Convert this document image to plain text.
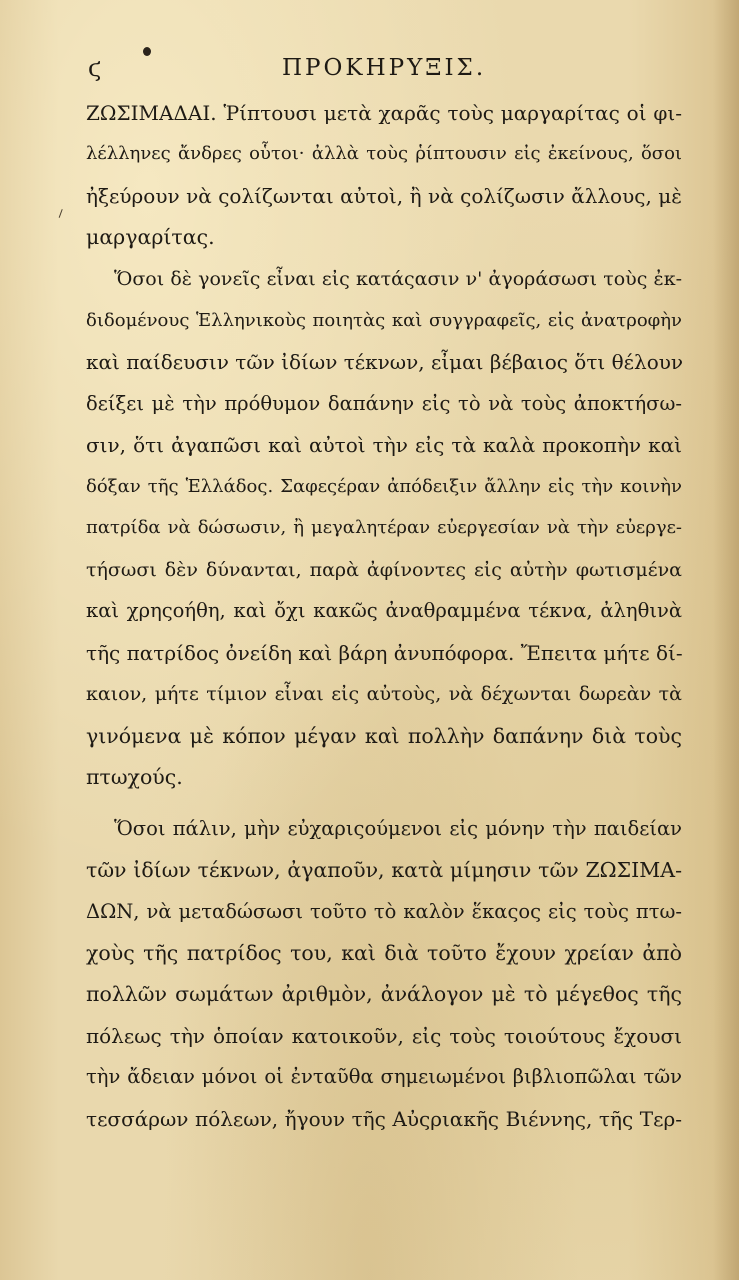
ϛ	ΠΡΟΚΗΡΥΞΙΣ.
ΖΩΣΙΜΑΔΑΙ. Ῥίπτουσι μετὰ χαρᾶς τοὺς μαργαρίτας οἱ φι-
λέλληνες ἄνδρες οὗτοι· ἀλλὰ τοὺς ῥίπτουσιν εἰς ἐκείνους, ὅσοι
ἠξεύρουν νὰ ςολίζωνται αὐτοὶ, ἢ νὰ ςολίζωσιν ἄλλους, μὲ
μαργαρίτας.
Ὅσοι δὲ γονεῖς εἶναι εἰς κατάςασιν ν' ἀγοράσωσι τοὺς ἐκ-
διδομένους Ἑλληνικοὺς ποιητὰς καὶ συγγραφεῖς, εἰς ἀνατροφὴν
καὶ παίδευσιν τῶν ἰδίων τέκνων, εἶμαι βέβαιος ὅτι θέλουν
δείξει μὲ τὴν πρόθυμον δαπάνην εἰς τὸ νὰ τοὺς ἀποκτήσω-
σιν, ὅτι ἀγαπῶσι καὶ αὐτοὶ τὴν εἰς τὰ καλὰ προκοπὴν καὶ
δόξαν τῆς Ἑλλάδος. Σαφεςέραν ἀπόδειξιν ἄλλην εἰς τὴν κοινὴν
πατρίδα νὰ δώσωσιν, ἢ μεγαλητέραν εὐεργεσίαν νὰ τὴν εὐεργε-
τήσωσι δὲν δύνανται, παρὰ ἀφίνοντες εἰς αὐτὴν φωτισμένα
καὶ χρηςοήθη, καὶ ὄχι κακῶς ἀναθραμμένα τέκνα, ἀληθινὰ
τῆς πατρίδος ὀνείδη καὶ βάρη ἀνυπόφορα. Ἔπειτα μήτε δί-
καιον, μήτε τίμιον εἶναι εἰς αὐτοὺς, νὰ δέχωνται δωρεὰν τὰ
γινόμενα μὲ κόπον μέγαν καὶ πολλὴν δαπάνην διὰ τοὺς
πτωχούς.
Ὅσοι πάλιν, μὴν εὐχαριςούμενοι εἰς μόνην τὴν παιδείαν
τῶν ἰδίων τέκνων, ἀγαποῦν, κατὰ μίμησιν τῶν ΖΩΣΙΜΑ-
ΔΩΝ, νὰ μεταδώσωσι τοῦτο τὸ καλὸν ἕκαςος εἰς τοὺς πτω-
χοὺς τῆς πατρίδος του, καὶ διὰ τοῦτο ἔχουν χρείαν ἀπὸ
πολλῶν σωμάτων ἀριθμὸν, ἀνάλογον μὲ τὸ μέγεθος τῆς
πόλεως τὴν ὁποίαν κατοικοῦν, εἰς τοὺς τοιούτους ἔχουσι
τὴν ἄδειαν μόνοι οἱ ἐνταῦθα σημειωμένοι βιβλιοπῶλαι τῶν
τεσσάρων πόλεων, ἤγουν τῆς Αὐςριακῆς Βιέννης, τῆς Τερ-
